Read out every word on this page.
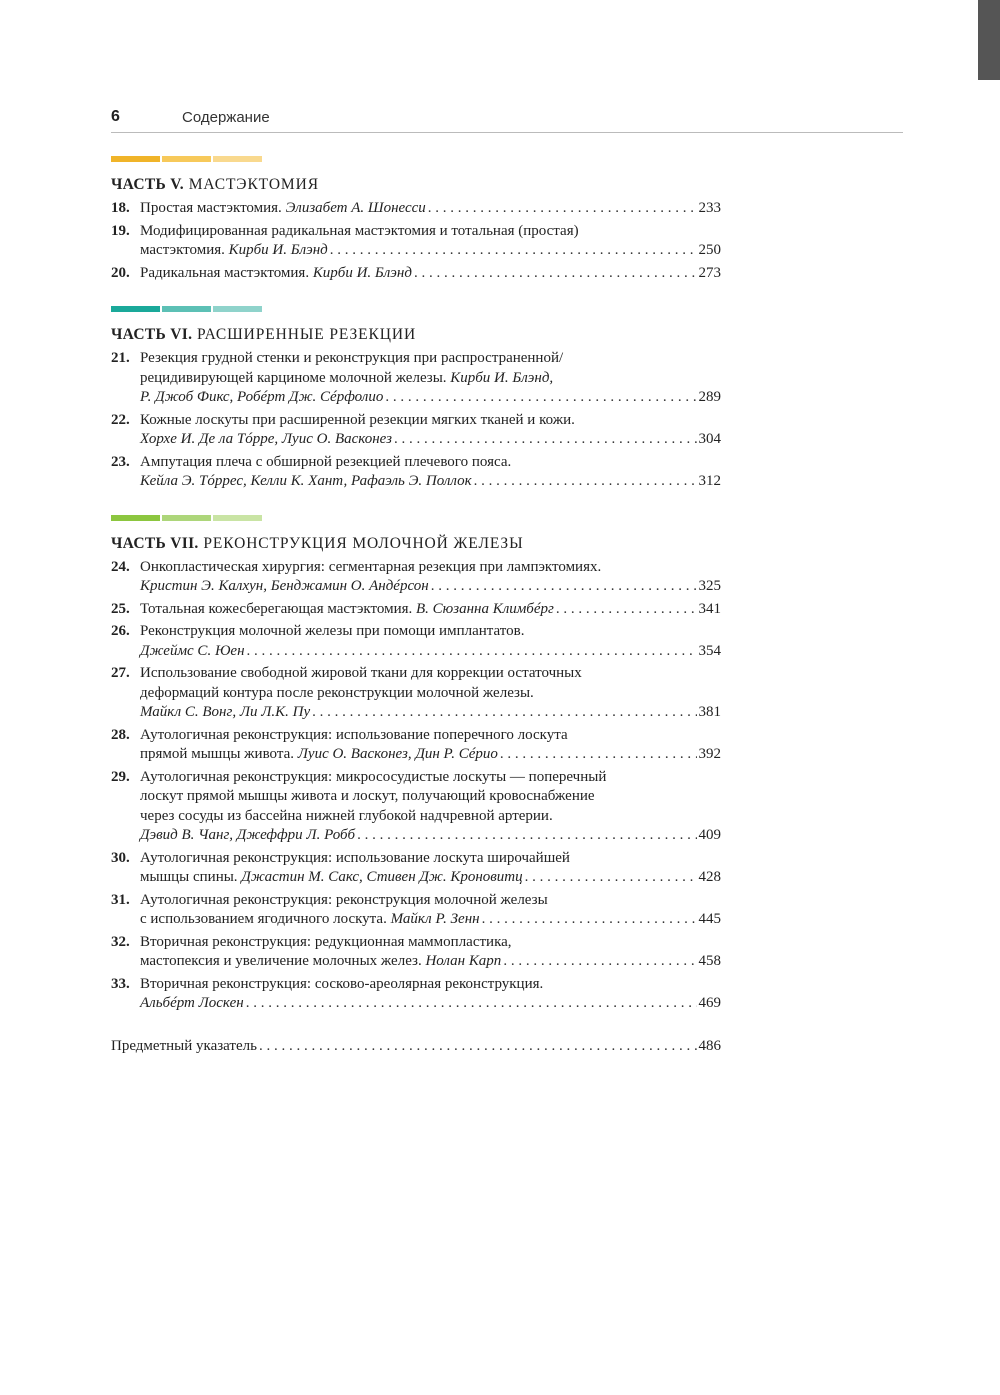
6	Содержание
ЧАСТЬ V. МАСТЭКТОМИЯ
18. Простая мастэктомия. Элизабет А. Шонесси . . .	233
19. Модифицированная радикальная мастэктомия и тотальная (простая)
мастэктомия. Кирби И. Блэнд . . .	250
20. Радикальная мастэктомия. Кирби И. Блэнд . . .	273
ЧАСТЬ VI. РАСШИРЕННЫЕ РЕЗЕКЦИИ
21. Резекция грудной стенки и реконструкция при распространенной/
рецидивирующей карциноме молочной железы. Кирби И. Блэнд,
Р. Джоб Фикс, Робéрт Дж. Сéрфолио . . .	289
22. Кожные лоскуты при расширенной резекции мягких тканей и кожи.
Хорхе И. Де ла Тóрре, Луис О. Васконез . . .	304
23. Ампутация плеча с обширной резекцией плечевого пояса.
Кейла Э. Тóррес, Келли К. Хант, Рафаэль Э. Поллок . . .	312
ЧАСТЬ VII. РЕКОНСТРУКЦИЯ МОЛОЧНОЙ ЖЕЛЕЗЫ
24. Онкопластическая хирургия: сегментарная резекция при лампэктомиях.
Кристин Э. Калхун, Бенджамин О. Андéрсон . . .	325
25. Тотальная кожесберегающая мастэктомия. В. Сюзанна Климбéрг . . .	341
26. Реконструкция молочной железы при помощи имплантатов.
Джеймс С. Юен . . .	354
27. Использование свободной жировой ткани для коррекции остаточных
деформаций контура после реконструкции молочной железы.
Майкл С. Вонг, Ли Л.К. Пу . . .	381
28. Аутологичная реконструкция: использование поперечного лоскута
прямой мышцы живота. Луис О. Васконез, Дин Р. Сéрио . . .	392
29. Аутологичная реконструкция: микрососудистые лоскуты — поперечный
лоскут прямой мышцы живота и лоскут, получающий кровоснабжение
через сосуды из бассейна нижней глубокой надчревной артерии.
Дэвид В. Чанг, Джефф‌ри Л. Робб . . .	409
30. Аутологичная реконструкция: использование лоскута широчайшей
мышцы спины. Джастин М. Сакс, Стивен Дж. Кроновитц . . .	428
31. Аутологичная реконструкция: реконструкция молочной железы
с использованием ягодичного лоскута. Майкл Р. Зенн . . .	445
32. Вторичная реконструкция: редукционная маммопластика,
мастопексия и увеличение молочных желез. Нолан Карп . . .	458
33. Вторичная реконструкция: сосково-ареолярная реконструкция.
Альбéрт Лоскен . . .	469
Предметный указатель . . .	486
